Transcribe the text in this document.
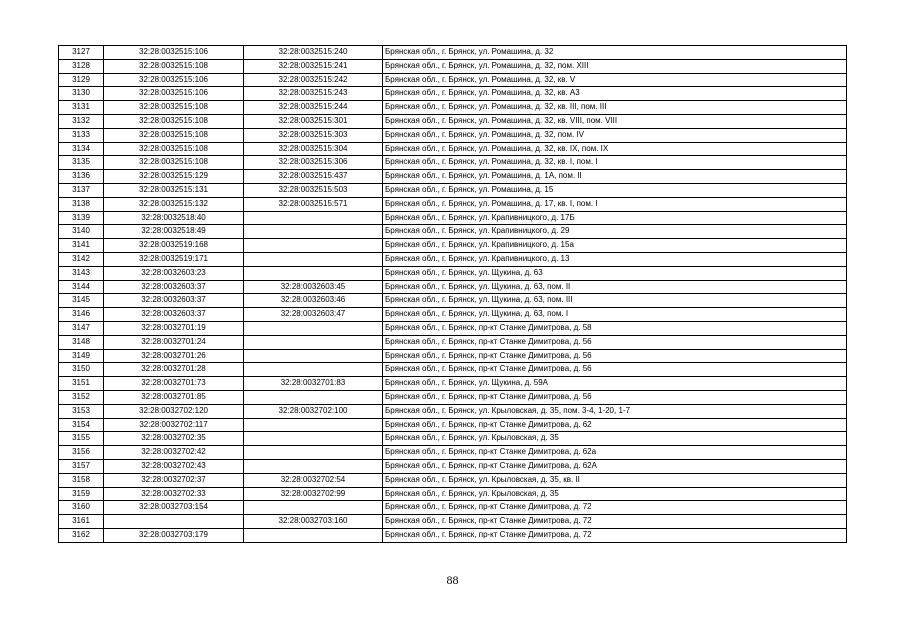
3127	32:28:0032515:106	32:28:0032515:240	Брянская обл., г. Брянск, ул. Ромашина, д. 32
3128	32:28:0032515:108	32:28:0032515:241	Брянская обл., г. Брянск, ул. Ромашина, д. 32, пом. XIII
3129	32:28:0032515:106	32:28:0032515:242	Брянская обл., г. Брянск, ул. Ромашина, д. 32, кв. V
3130	32:28:0032515:106	32:28:0032515:243	Брянская обл., г. Брянск, ул. Ромашина, д. 32, кв. А3
3131	32:28:0032515:108	32:28:0032515:244	Брянская обл., г. Брянск, ул. Ромашина, д. 32, кв. III, пом. III
3132	32:28:0032515:108	32:28:0032515:301	Брянская обл., г. Брянск, ул. Ромашина, д. 32, кв. VIII, пом. VIII
3133	32:28:0032515:108	32:28:0032515:303	Брянская обл., г. Брянск, ул. Ромашина, д. 32, пом. IV
3134	32:28:0032515:108	32:28:0032515:304	Брянская обл., г. Брянск, ул. Ромашина, д. 32, кв. IX, пом. IX
3135	32:28:0032515:108	32:28:0032515:306	Брянская обл., г. Брянск, ул. Ромашина, д. 32, кв. I, пом. I
3136	32:28:0032515:129	32:28:0032515:437	Брянская обл., г. Брянск, ул. Ромашина, д. 1А, пом. II
3137	32:28:0032515:131	32:28:0032515:503	Брянская обл., г. Брянск, ул. Ромашина, д. 15
3138	32:28:0032515:132	32:28:0032515:571	Брянская обл., г. Брянск, ул. Ромашина, д. 17, кв. I, пом. I
3139	32:28:0032518:40		Брянская обл., г. Брянск, ул. Крапивницкого, д. 17Б
3140	32:28:0032518:49		Брянская обл., г. Брянск, ул. Крапивницкого, д. 29
3141	32:28:0032519:168		Брянская обл., г. Брянск, ул. Крапивницкого, д. 15а
3142	32:28:0032519:171		Брянская обл., г. Брянск, ул. Крапивницкого, д. 13
3143	32:28:0032603:23		Брянская обл., г. Брянск, ул. Щукина, д. 63
3144	32:28:0032603:37	32:28:0032603:45	Брянская обл., г. Брянск, ул. Щукина, д. 63, пом. II
3145	32:28:0032603:37	32:28:0032603:46	Брянская обл., г. Брянск, ул. Щукина, д. 63, пом. III
3146	32:28:0032603:37	32:28:0032603:47	Брянская обл., г. Брянск, ул. Щукина, д. 63, пом. I
3147	32:28:0032701:19		Брянская обл., г. Брянск, пр-кт Станке Димитрова, д. 58
3148	32:28:0032701:24		Брянская обл., г. Брянск, пр-кт Станке Димитрова, д. 56
3149	32:28:0032701:26		Брянская обл., г. Брянск, пр-кт Станке Димитрова, д. 56
3150	32:28:0032701:28		Брянская обл., г. Брянск, пр-кт Станке Димитрова, д. 56
3151	32:28:0032701:73	32:28:0032701:83	Брянская обл., г. Брянск, ул. Щукина, д. 59А
3152	32:28:0032701:85		Брянская обл., г. Брянск, пр-кт Станке Димитрова, д. 56
3153	32:28:0032702:120	32:28:0032702:100	Брянская обл., г. Брянск, ул. Крыловская, д. 35, пом. 3-4, 1-20, 1-7
3154	32:28:0032702:117		Брянская обл., г. Брянск, пр-кт Станке Димитрова, д. 62
3155	32:28:0032702:35		Брянская обл., г. Брянск, ул. Крыловская, д. 35
3156	32:28:0032702:42		Брянская обл., г. Брянск, пр-кт Станке Димитрова, д. 62а
3157	32:28:0032702:43		Брянская обл., г. Брянск, пр-кт Станке Димитрова, д. 62А
3158	32:28:0032702:37	32:28:0032702:54	Брянская обл., г. Брянск, ул. Крыловская, д. 35, кв. II
3159	32:28:0032702:33	32:28:0032702:99	Брянская обл., г. Брянск, ул. Крыловская, д. 35
3160	32:28:0032703:154		Брянская обл., г. Брянск, пр-кт Станке Димитрова, д. 72
3161		32:28:0032703:160	Брянская обл., г. Брянск, пр-кт Станке Димитрова, д. 72
3162	32:28:0032703:179		Брянская обл., г. Брянск, пр-кт Станке Димитрова, д. 72
88
